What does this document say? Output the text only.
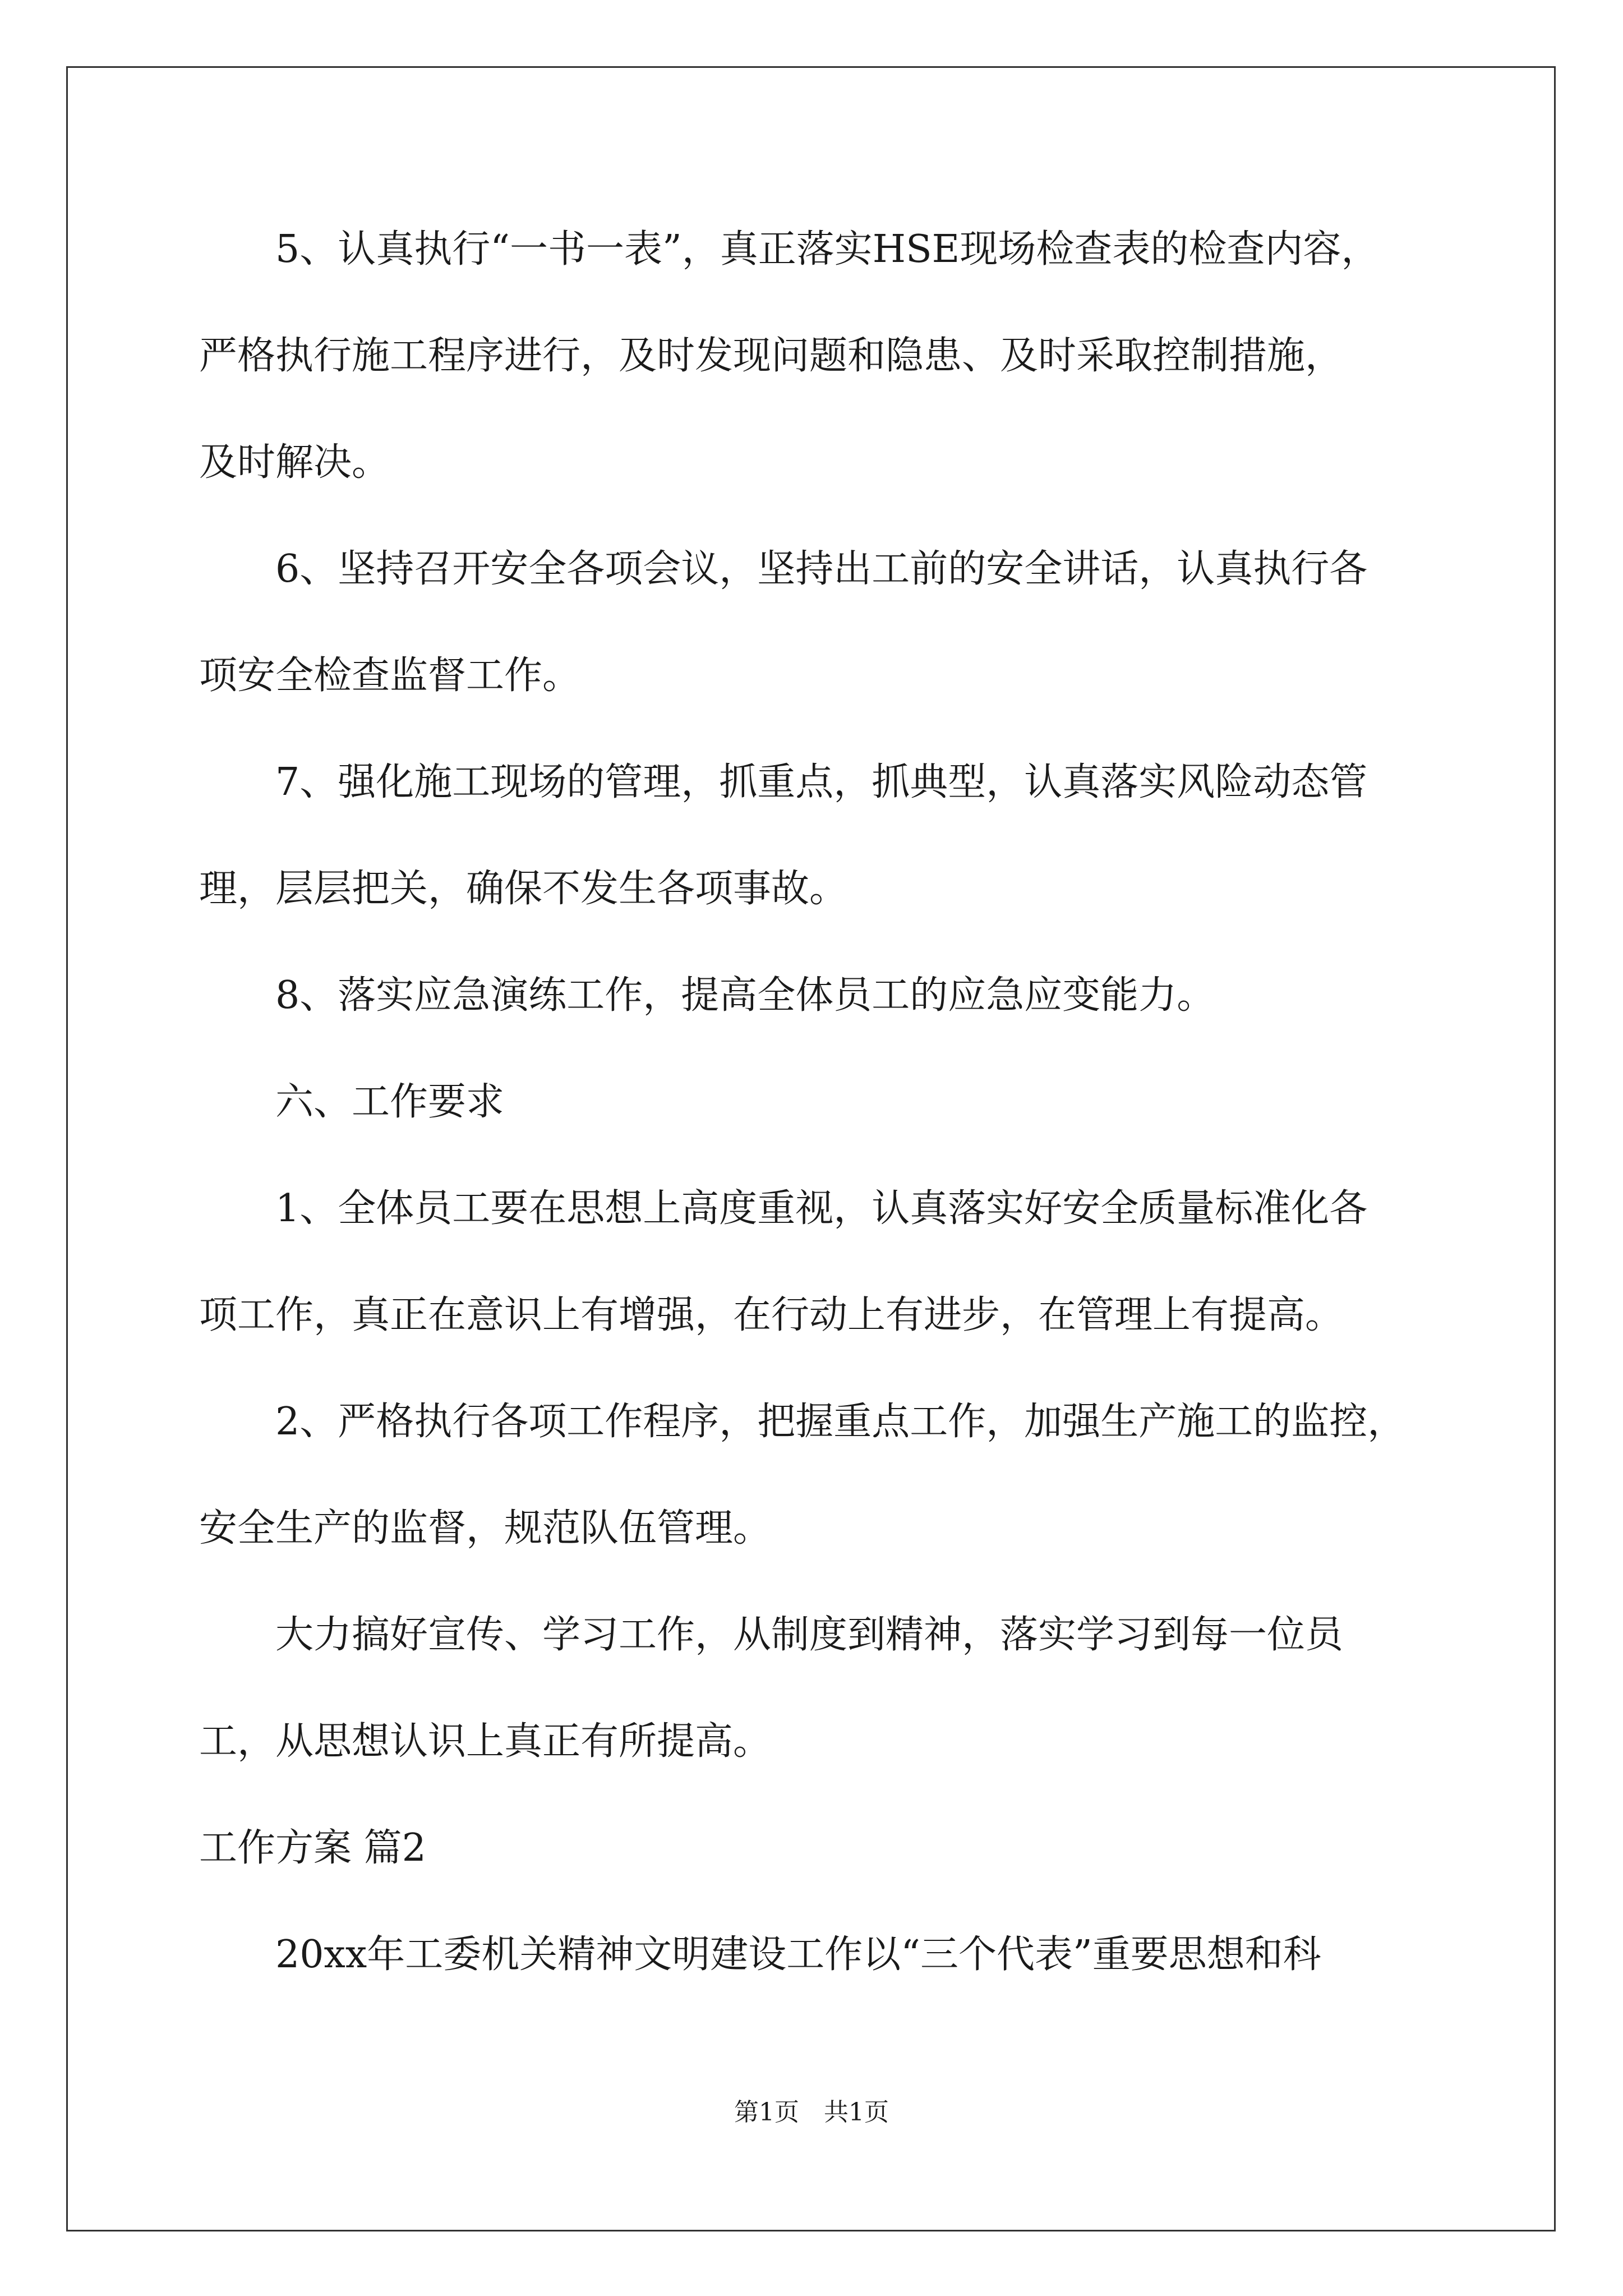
　　5、认真执行“一书一表”，真正落实HSE现场检查表的检查内容，
严格执行施工程序进行，及时发现问题和隐患、及时采取控制措施，
及时解决。
　　6、坚持召开安全各项会议，坚持出工前的安全讲话，认真执行各
项安全检查监督工作。
　　7、强化施工现场的管理，抓重点，抓典型，认真落实风险动态管
理，层层把关，确保不发生各项事故。
　　8、落实应急演练工作，提高全体员工的应急应变能力。
　　六、工作要求
　　1、全体员工要在思想上高度重视，认真落实好安全质量标准化各
项工作，真正在意识上有增强，在行动上有进步，在管理上有提高。
　　2、严格执行各项工作程序，把握重点工作，加强生产施工的监控，
安全生产的监督，规范队伍管理。
　　大力搞好宣传、学习工作，从制度到精神，落实学习到每一位员
工，从思想认识上真正有所提高。
工作方案 篇2
　　20xx年工委机关精神文明建设工作以“三个代表”重要思想和科
第1页　共1页
